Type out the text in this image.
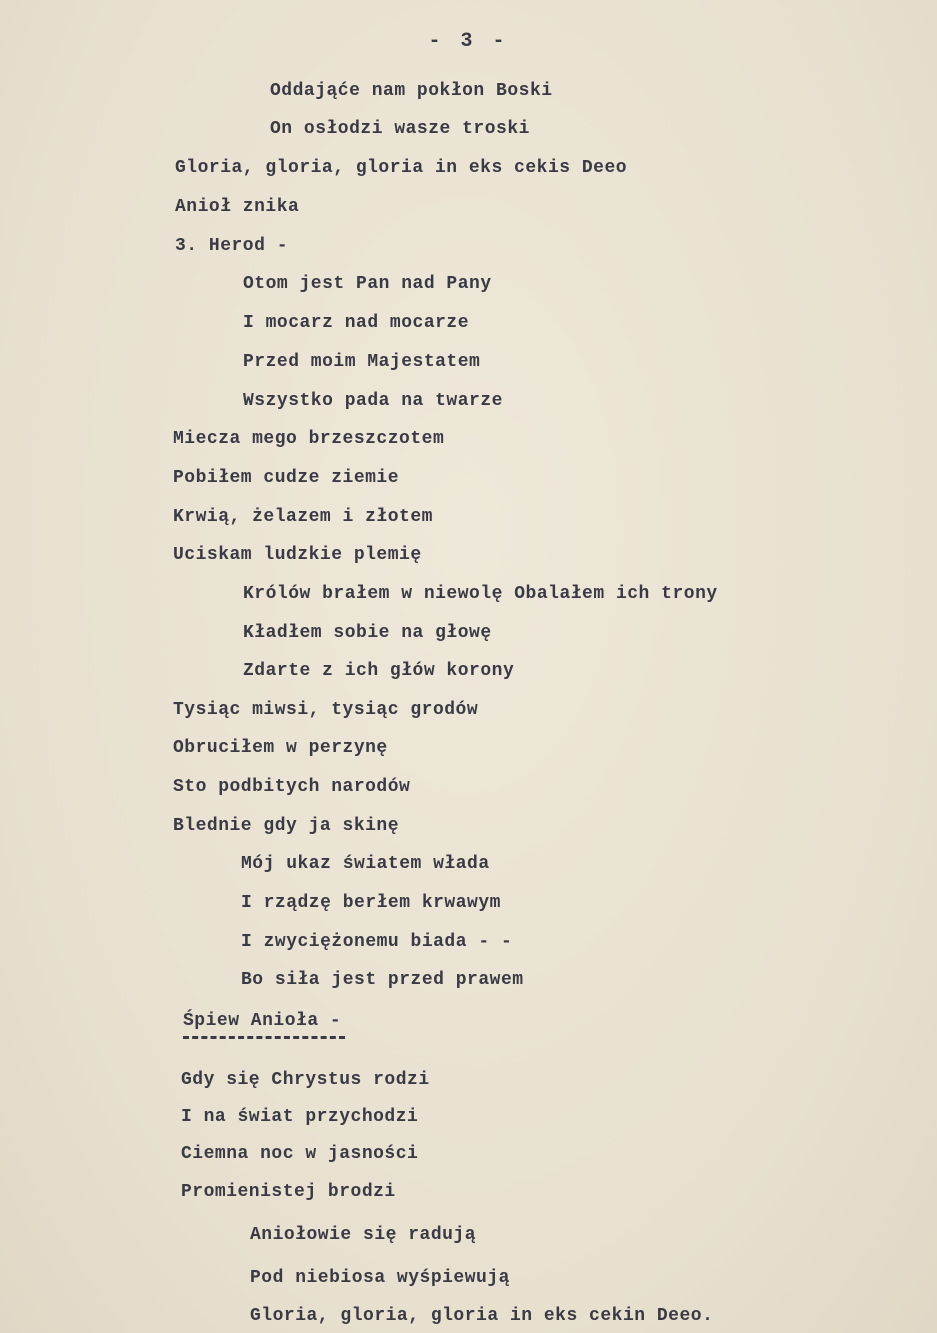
- 3 -
Oddająće nam pokłon Boski
On osłodzi wasze troski
Gloria, gloria, gloria in eks cekis Deeo
Anioł znika
3. Herod -
Otom jest Pan nad Pany
I mocarz nad mocarze
Przed moim Majestatem
Wszystko pada na twarze
Miecza mego brzeszczotem
Pobiłem cudze ziemie
Krwią, żelazem i złotem
Uciskam ludzkie plemię
Królów brałem w niewolę Obalałem ich trony
Kładłem sobie na głowę
Zdarte z ich głów korony
Tysiąc miwsi, tysiąc grodów
Obruciłem w perzynę
Sto podbitych narodów
Blednie gdy ja skinę
Mój ukaz światem włada
I rządzę berłem krwawym
I zwyciężonemu biada - -
Bo siła jest przed prawem
Śpiew Anioła -
Gdy się Chrystus rodzi
I na świat przychodzi
Ciemna noc w jasności
Promienistej brodzi
Aniołowie się radują
Pod niebiosa wyśpiewują
Gloria, gloria, gloria in eks cekin Deeo.
